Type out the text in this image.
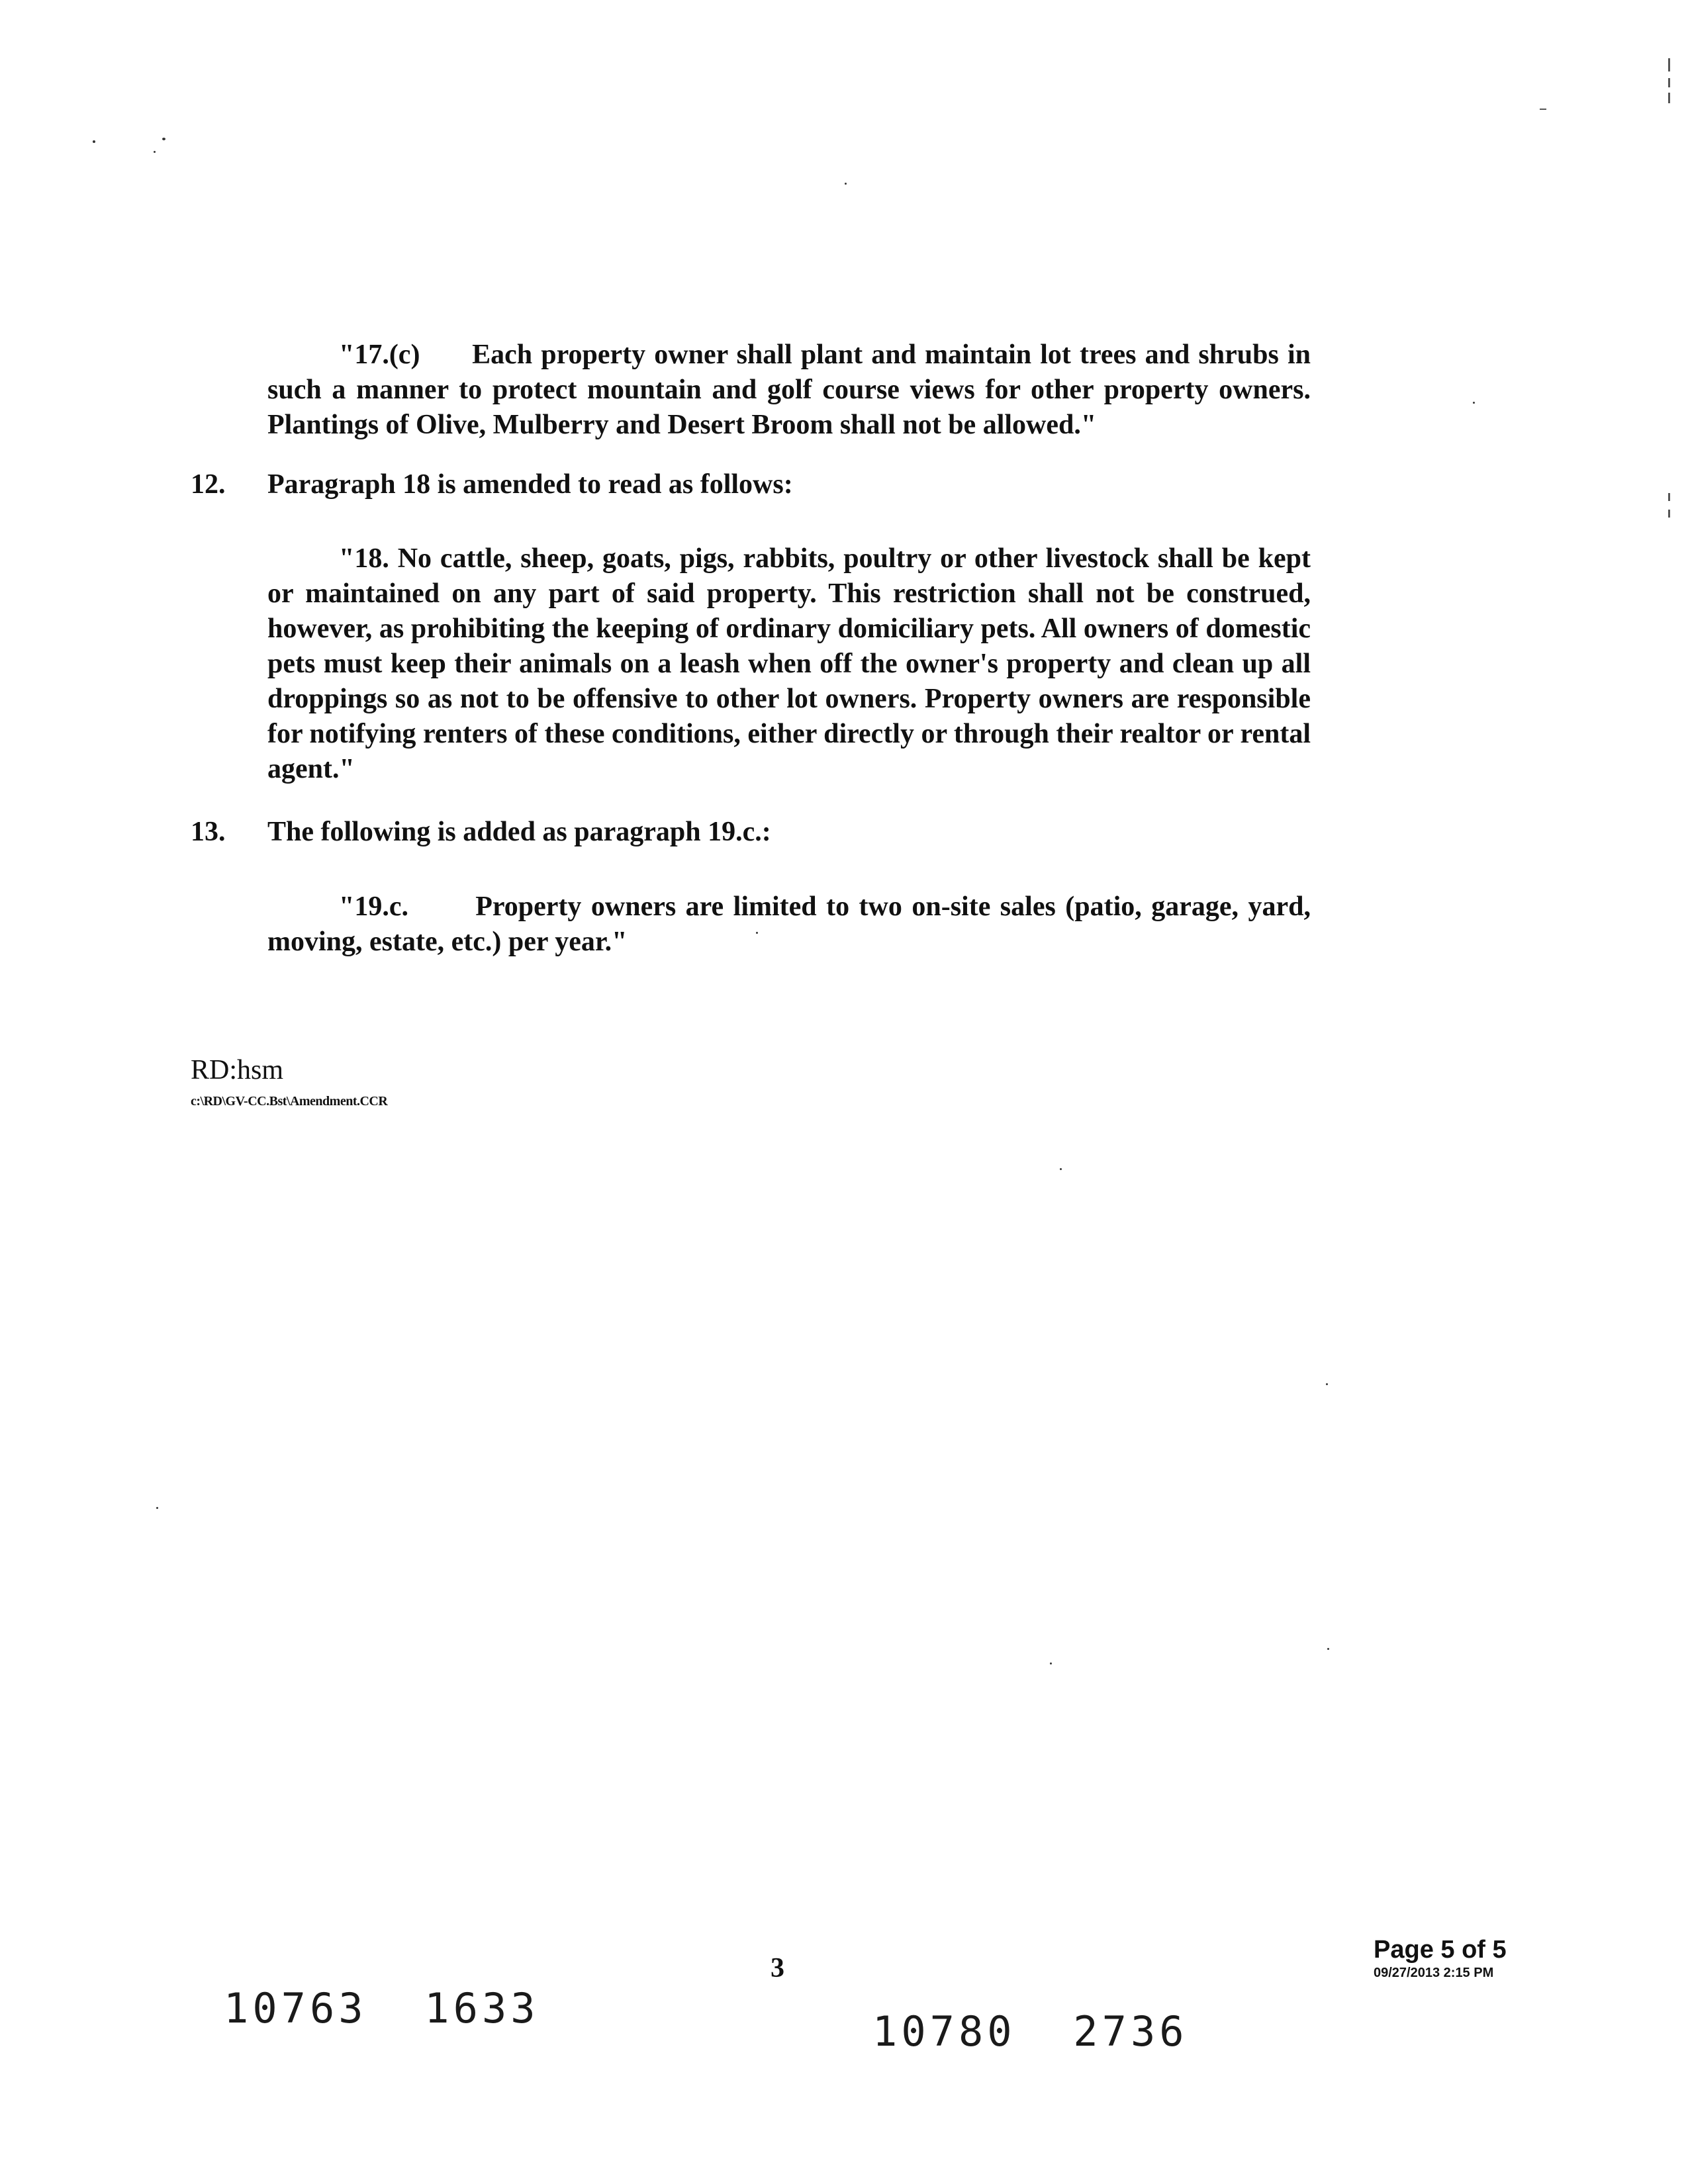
"17.(c)      Each property owner shall plant and maintain lot trees and shrubs in such a manner to protect mountain and golf course views for other property owners. Plantings of Olive, Mulberry and Desert Broom shall not be allowed."
12. Paragraph 18 is amended to read as follows:
"18. No cattle, sheep, goats, pigs, rabbits, poultry or other livestock shall be kept or maintained on any part of said property. This restriction shall not be construed, however, as prohibiting the keeping of ordinary domiciliary pets. All owners of domestic pets must keep their animals on a leash when off the owner's property and clean up all droppings so as not to be offensive to other lot owners. Property owners are responsible for notifying renters of these conditions, either directly or through their realtor or rental agent."
13. The following is added as paragraph 19.c.:
"19.c.       Property owners are limited to two on-site sales (patio, garage, yard, moving, estate, etc.) per year."
RD:hsm
c:\RD\GV-CC.Bst\Amendment.CCR
3
Page 5 of 5
09/27/2013 2:15 PM
10763  1633	10780  2736
